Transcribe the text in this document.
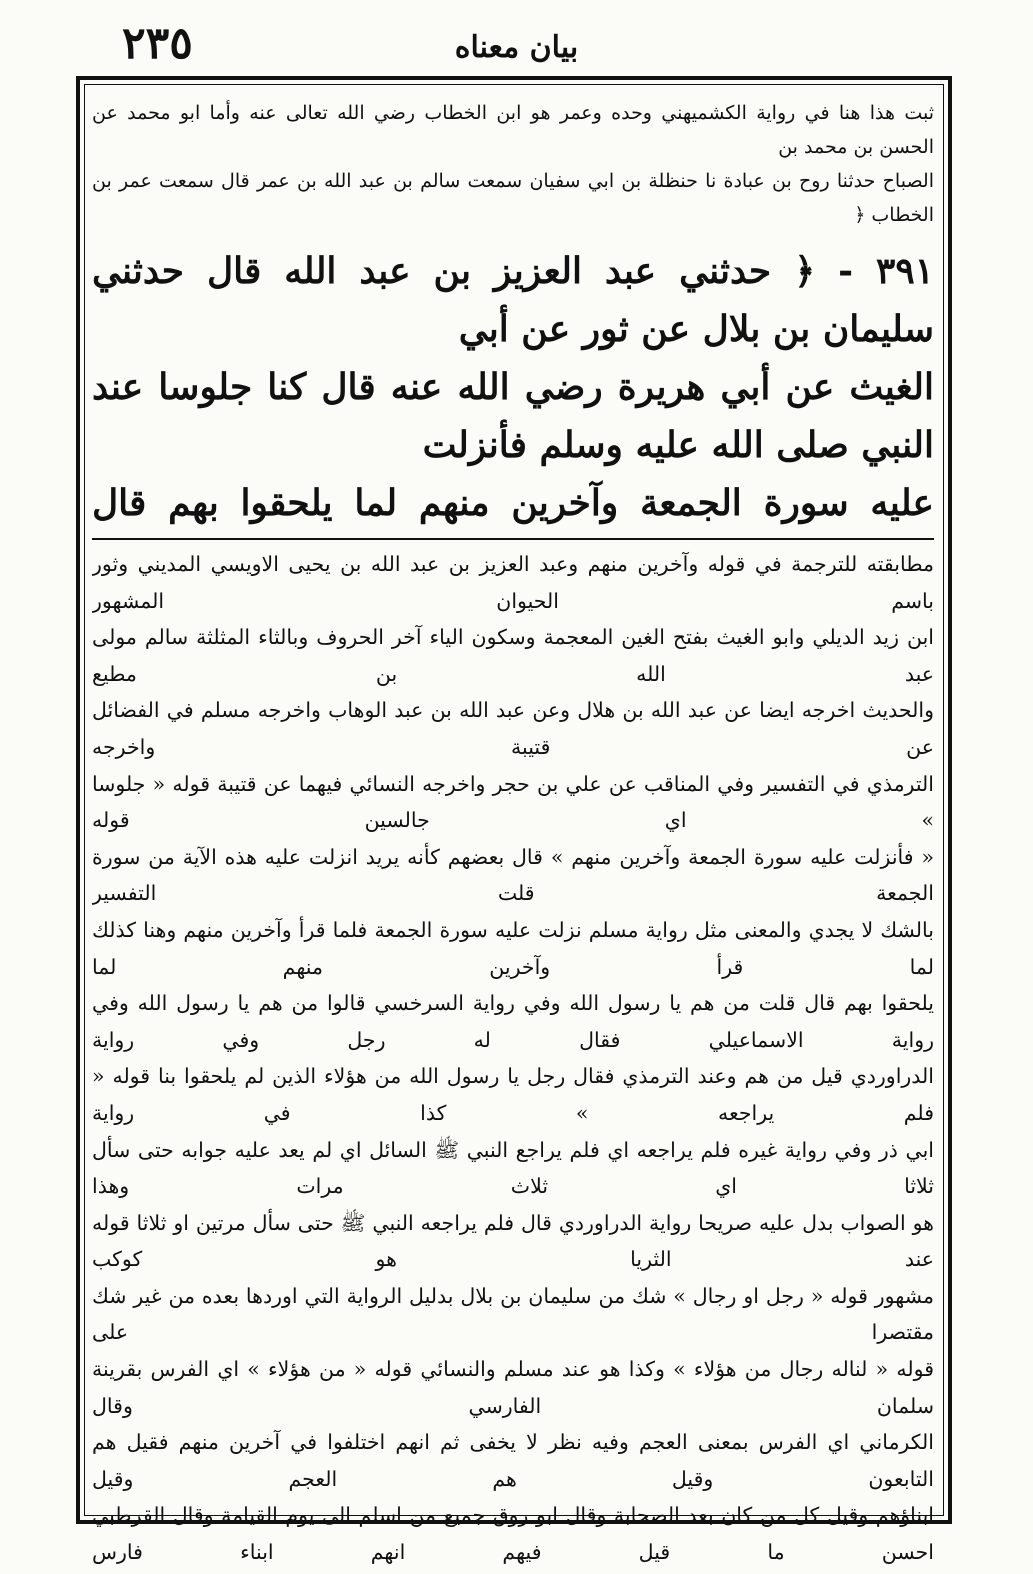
٢٣٥	بيان معناه

ثبت هذا هنا في رواية الكشميهني وحده وعمر هو ابن الخطاب رضي الله تعالى عنه وأما ابو محمد عن الحسن بن محمد بن

الصباح حدثنا روح بن عبادة نا حنظلة بن ابي سفيان سمعت سالم بن عبد الله بن عمر قال سمعت عمر بن الخطاب ﴿

٣٩١ - ﴿ حدثني عبد العزيز بن عبد الله قال حدثني سليمان بن بلال عن ثور عن أبي

الغيث عن أبي هريرة رضي الله عنه قال كنا جلوسا عند النبي صلى الله عليه وسلم فأنزلت

عليه سورة الجمعة وآخرين منهم لما يلحقوا بهم قال

مطابقته للترجمة في قوله وآخرين منهم وعبد العزيز بن عبد الله بن يحيى الاويسي المديني وثور باسم الحيوان المشهور

ابن زيد الديلي وابو الغيث بفتح الغين المعجمة وسكون الياء آخر الحروف وبالثاء المثلثة سالم مولى عبد الله بن مطيع

والحديث اخرجه ايضا عن عبد الله بن هلال وعن عبد الله بن عبد الوهاب واخرجه مسلم في الفضائل عن قتيبة واخرجه

الترمذي في التفسير وفي المناقب عن علي بن حجر واخرجه النسائي فيهما عن قتيبة قوله « جلوسا » اي جالسين قوله

« فأنزلت عليه سورة الجمعة وآخرين منهم » قال بعضهم كأنه يريد انزلت عليه هذه الآية من سورة الجمعة قلت التفسير

بالشك لا يجدي والمعنى مثل رواية مسلم نزلت عليه سورة الجمعة فلما قرأ وآخرين منهم وهنا كذلك لما قرأ وآخرين منهم لما

يلحقوا بهم قال قلت من هم يا رسول الله وفي رواية السرخسي قالوا من هم يا رسول الله وفي رواية الاسماعيلي فقال له رجل وفي رواية

الدراوردي قيل من هم وعند الترمذي فقال رجل يا رسول الله من هؤلاء الذين لم يلحقوا بنا قوله « فلم يراجعه » كذا في رواية

ابي ذر وفي رواية غيره فلم يراجعه اي فلم يراجع النبي ﷺ السائل اي لم يعد عليه جوابه حتى سأل ثلاثا اي ثلاث مرات وهذا

هو الصواب بدل عليه صريحا رواية الدراوردي قال فلم يراجعه النبي ﷺ حتى سأل مرتين او ثلاثا قوله عند الثريا هو كوكب

مشهور قوله « رجل او رجال » شك من سليمان بن بلال بدليل الرواية التي اوردها بعده من غير شك مقتصرا على

قوله « لناله رجال من هؤلاء » وكذا هو عند مسلم والنسائي قوله « من هؤلاء » اي الفرس بقرينة سلمان الفارسي وقال

الكرماني اي الفرس بمعنى العجم وفيه نظر لا يخفى ثم انهم اختلفوا في آخرين منهم فقيل هم التابعون وقيل هم العجم وقيل

ابناؤهم وقيل كل من كان بعد الصحابة وقال ابو روق جميع من اسلم الى يوم القيامة وقال القرطبي احسن ما قيل فيهم انهم ابناء فارس
